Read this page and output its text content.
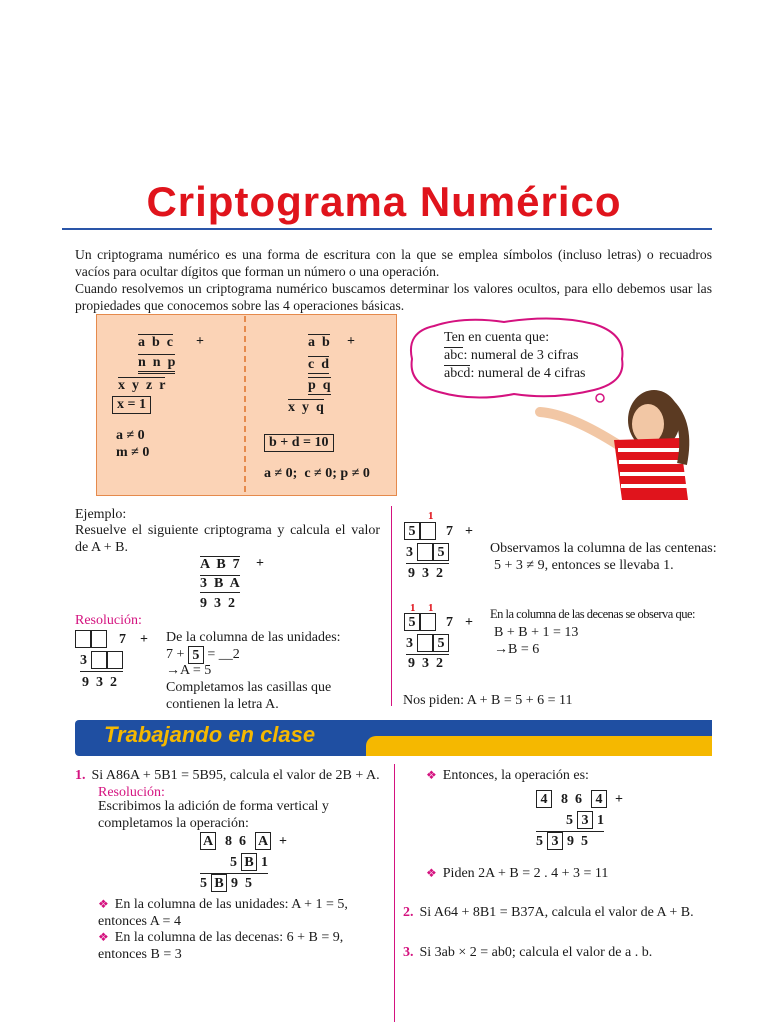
Criptograma Numérico

Un criptograma numérico es una forma de escritura con la que se emplea símbolos (incluso letras) o recuadros vacíos para ocultar dígitos que forman un número o una operación.

Cuando resolvemos un criptograma numérico buscamos determinar los valores ocultos, para ello debemos usar las propiedades que conocemos sobre las 4 operaciones básicas.

a  b  c +
n  n  p
x  y  z  r
x = 1
a ≠ 0
m ≠ 0
a  b +
c  d
p  q
x  y  q
b + d = 10
a ≠ 0;  c ≠ 0; p ≠ 0
Ten en cuenta que:
abc: numeral de 3 cifras
abcd: numeral de 4 cifras
Ejemplo:
Resuelve el siguiente criptograma y calcula el valor de A + B.
A  B  7 +
3  B  A
9  3  2
Resolución:
7 +
3
9  3  2
De la columna de las unidades:
7 + 5 = __2
→A = 5
Completamos las casillas que contienen la letra A.
1
5 7 +
3 5
9  3  2
Observamos la columna de las centenas:
5 + 3 ≠ 9, entonces se llevaba 1.
1 1
5 7 +
3 5
9  3  2
En la columna de las decenas se observa que:
B + B + 1 = 13
→B = 6
Nos piden: A + B = 5 + 6 = 11
Trabajando en clase
1. Si A86A + 5B1 = 5B95, calcula el valor de 2B + A.
Resolución:
Escribimos la adición de forma vertical y completamos la operación:
A 8  6 A +
5 B 1
5 B 9  5
❖ En la columna de las unidades: A + 1 = 5, entonces A = 4
❖ En la columna de las decenas: 6 + B = 9, entonces B = 3
❖ Entonces, la operación es:
4 8  6 4 +
5 3 1
5 3 9  5
❖ Piden 2A + B = 2 . 4 + 3 = 11
2. Si A64 + 8B1 = B37A, calcula el valor de A + B.
3. Si 3ab × 2 = ab0; calcula el valor de a . b.
